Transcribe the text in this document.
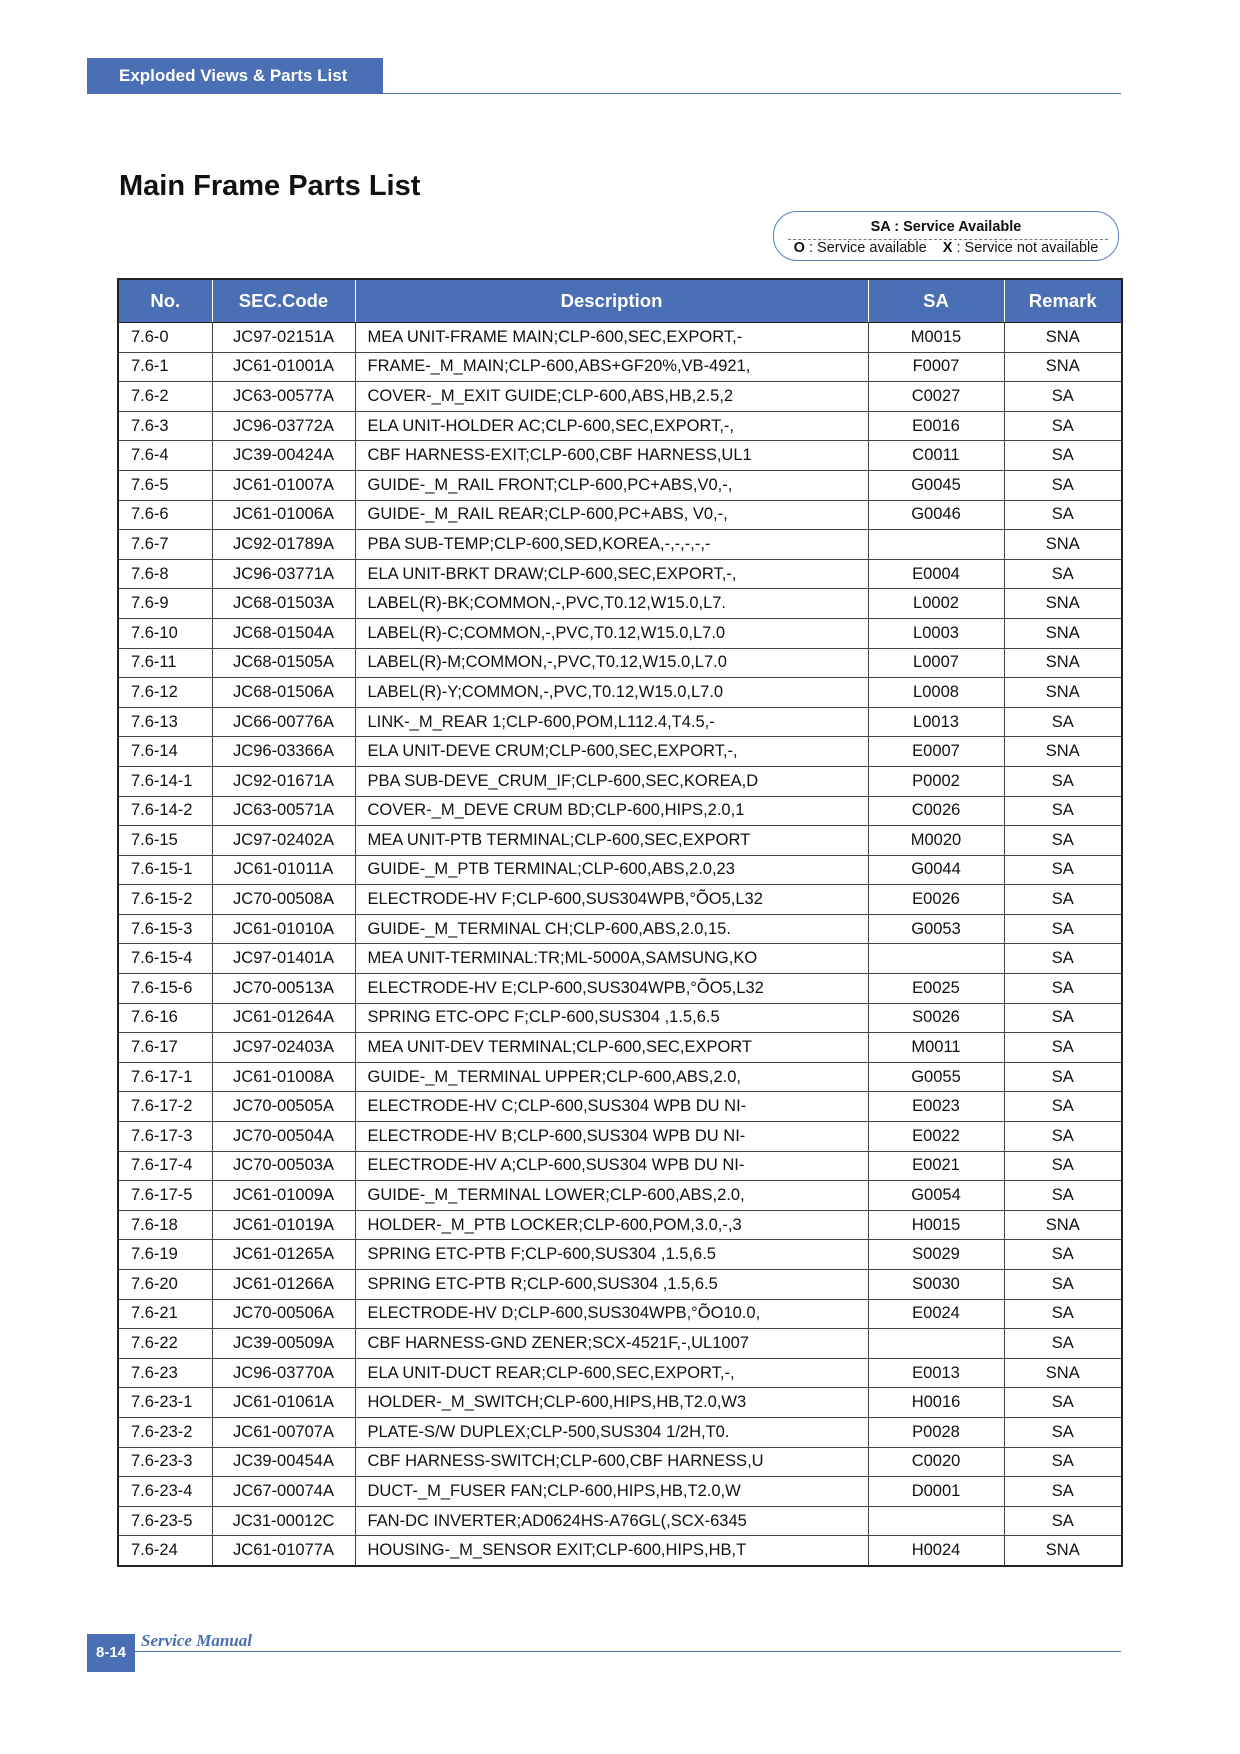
Exploded Views & Parts List
Main Frame Parts List
SA : Service Available
O : Service available X : Service not available
No.	SEC.Code	Description	SA	Remark
7.6-0	JC97-02151A	MEA UNIT-FRAME MAIN;CLP-600,SEC,EXPORT,-	M0015	SNA
7.6-1	JC61-01001A	FRAME-_M_MAIN;CLP-600,ABS+GF20%,VB-4921,	F0007	SNA
7.6-2	JC63-00577A	COVER-_M_EXIT GUIDE;CLP-600,ABS,HB,2.5,2	C0027	SA
7.6-3	JC96-03772A	ELA UNIT-HOLDER AC;CLP-600,SEC,EXPORT,-,	E0016	SA
7.6-4	JC39-00424A	CBF HARNESS-EXIT;CLP-600,CBF HARNESS,UL1	C0011	SA
7.6-5	JC61-01007A	GUIDE-_M_RAIL FRONT;CLP-600,PC+ABS,V0,-,	G0045	SA
7.6-6	JC61-01006A	GUIDE-_M_RAIL REAR;CLP-600,PC+ABS, V0,-,	G0046	SA
7.6-7	JC92-01789A	PBA SUB-TEMP;CLP-600,SED,KOREA,-,-,-,-,-		SNA
7.6-8	JC96-03771A	ELA UNIT-BRKT DRAW;CLP-600,SEC,EXPORT,-,	E0004	SA
7.6-9	JC68-01503A	LABEL(R)-BK;COMMON,-,PVC,T0.12,W15.0,L7.	L0002	SNA
7.6-10	JC68-01504A	LABEL(R)-C;COMMON,-,PVC,T0.12,W15.0,L7.0	L0003	SNA
7.6-11	JC68-01505A	LABEL(R)-M;COMMON,-,PVC,T0.12,W15.0,L7.0	L0007	SNA
7.6-12	JC68-01506A	LABEL(R)-Y;COMMON,-,PVC,T0.12,W15.0,L7.0	L0008	SNA
7.6-13	JC66-00776A	LINK-_M_REAR 1;CLP-600,POM,L112.4,T4.5,-	L0013	SA
7.6-14	JC96-03366A	ELA UNIT-DEVE CRUM;CLP-600,SEC,EXPORT,-,	E0007	SNA
7.6-14-1	JC92-01671A	PBA SUB-DEVE_CRUM_IF;CLP-600,SEC,KOREA,D	P0002	SA
7.6-14-2	JC63-00571A	COVER-_M_DEVE CRUM BD;CLP-600,HIPS,2.0,1	C0026	SA
7.6-15	JC97-02402A	MEA UNIT-PTB TERMINAL;CLP-600,SEC,EXPORT	M0020	SA
7.6-15-1	JC61-01011A	GUIDE-_M_PTB TERMINAL;CLP-600,ABS,2.0,23	G0044	SA
7.6-15-2	JC70-00508A	ELECTRODE-HV F;CLP-600,SUS304WPB,°ÕO5,L32	E0026	SA
7.6-15-3	JC61-01010A	GUIDE-_M_TERMINAL CH;CLP-600,ABS,2.0,15.	G0053	SA
7.6-15-4	JC97-01401A	MEA UNIT-TERMINAL:TR;ML-5000A,SAMSUNG,KO		SA
7.6-15-6	JC70-00513A	ELECTRODE-HV E;CLP-600,SUS304WPB,°ÕO5,L32	E0025	SA
7.6-16	JC61-01264A	SPRING ETC-OPC F;CLP-600,SUS304 ,1.5,6.5	S0026	SA
7.6-17	JC97-02403A	MEA UNIT-DEV TERMINAL;CLP-600,SEC,EXPORT	M0011	SA
7.6-17-1	JC61-01008A	GUIDE-_M_TERMINAL UPPER;CLP-600,ABS,2.0,	G0055	SA
7.6-17-2	JC70-00505A	ELECTRODE-HV C;CLP-600,SUS304 WPB DU NI-	E0023	SA
7.6-17-3	JC70-00504A	ELECTRODE-HV B;CLP-600,SUS304 WPB DU NI-	E0022	SA
7.6-17-4	JC70-00503A	ELECTRODE-HV A;CLP-600,SUS304 WPB DU NI-	E0021	SA
7.6-17-5	JC61-01009A	GUIDE-_M_TERMINAL LOWER;CLP-600,ABS,2.0,	G0054	SA
7.6-18	JC61-01019A	HOLDER-_M_PTB LOCKER;CLP-600,POM,3.0,-,3	H0015	SNA
7.6-19	JC61-01265A	SPRING ETC-PTB F;CLP-600,SUS304 ,1.5,6.5	S0029	SA
7.6-20	JC61-01266A	SPRING ETC-PTB R;CLP-600,SUS304 ,1.5,6.5	S0030	SA
7.6-21	JC70-00506A	ELECTRODE-HV D;CLP-600,SUS304WPB,°ÕO10.0,	E0024	SA
7.6-22	JC39-00509A	CBF HARNESS-GND ZENER;SCX-4521F,-,UL1007		SA
7.6-23	JC96-03770A	ELA UNIT-DUCT REAR;CLP-600,SEC,EXPORT,-,	E0013	SNA
7.6-23-1	JC61-01061A	HOLDER-_M_SWITCH;CLP-600,HIPS,HB,T2.0,W3	H0016	SA
7.6-23-2	JC61-00707A	PLATE-S/W DUPLEX;CLP-500,SUS304 1/2H,T0.	P0028	SA
7.6-23-3	JC39-00454A	CBF HARNESS-SWITCH;CLP-600,CBF HARNESS,U	C0020	SA
7.6-23-4	JC67-00074A	DUCT-_M_FUSER FAN;CLP-600,HIPS,HB,T2.0,W	D0001	SA
7.6-23-5	JC31-00012C	FAN-DC INVERTER;AD0624HS-A76GL(,SCX-6345		SA
7.6-24	JC61-01077A	HOUSING-_M_SENSOR EXIT;CLP-600,HIPS,HB,T	H0024	SNA
8-14
Service Manual
